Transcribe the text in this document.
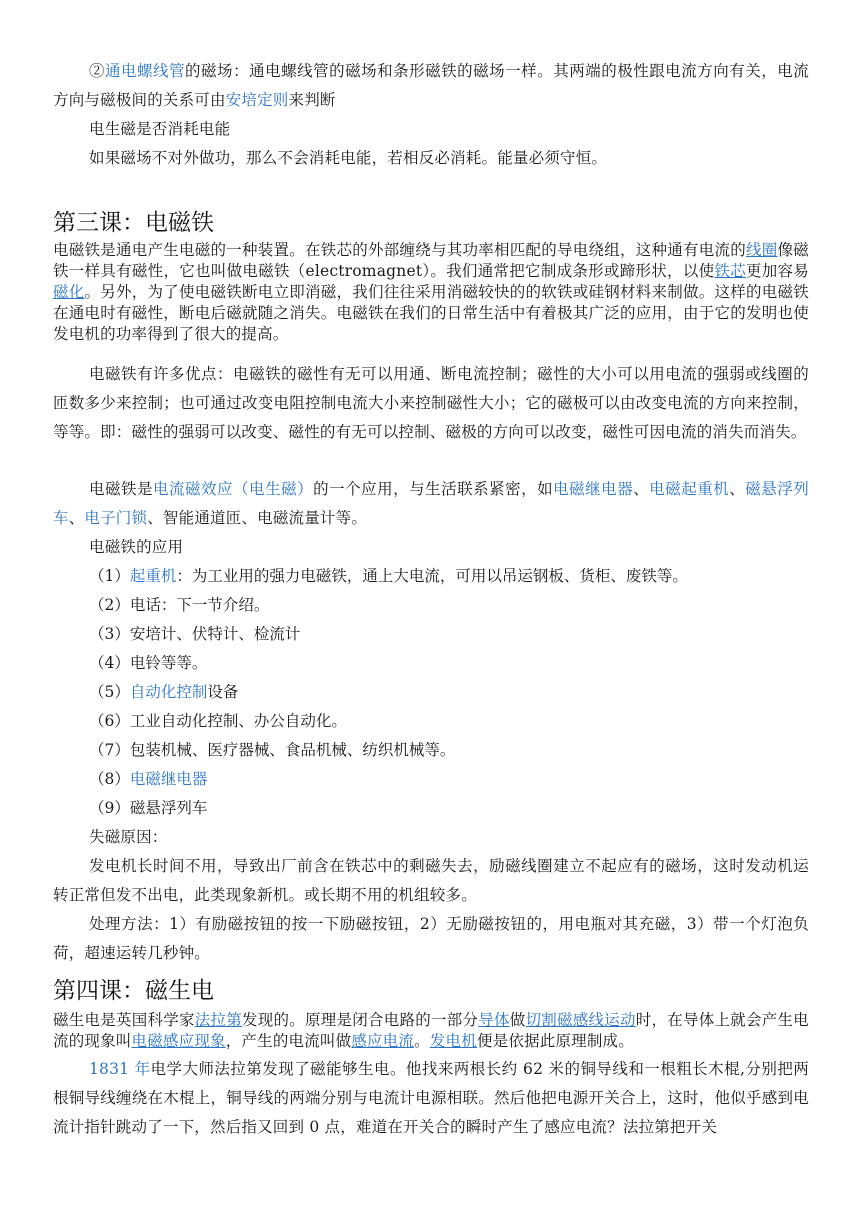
②通电螺线管的磁场：通电螺线管的磁场和条形磁铁的磁场一样。其两端的极性跟电流方向有关，电流方向与磁极间的关系可由安培定则来判断

电生磁是否消耗电能

如果磁场不对外做功，那么不会消耗电能，若相反必消耗。能量必须守恒。

第三课：电磁铁

电磁铁是通电产生电磁的一种装置。在铁芯的外部缠绕与其功率相匹配的导电绕组，这种通有电流的线圈像磁铁一样具有磁性，它也叫做电磁铁（electromagnet）。我们通常把它制成条形或蹄形状，以使铁芯更加容易磁化。另外，为了使电磁铁断电立即消磁，我们往往采用消磁较快的的软铁或硅钢材料来制做。这样的电磁铁在通电时有磁性，断电后磁就随之消失。电磁铁在我们的日常生活中有着极其广泛的应用，由于它的发明也使发电机的功率得到了很大的提高。

电磁铁有许多优点：电磁铁的磁性有无可以用通、断电流控制；磁性的大小可以用电流的强弱或线圈的匝数多少来控制；也可通过改变电阻控制电流大小来控制磁性大小；它的磁极可以由改变电流的方向来控制，等等。即：磁性的强弱可以改变、磁性的有无可以控制、磁极的方向可以改变，磁性可因电流的消失而消失。

电磁铁是电流磁效应（电生磁）的一个应用，与生活联系紧密，如电磁继电器、电磁起重机、磁悬浮列车、电子门锁、智能通道匝、电磁流量计等。

电磁铁的应用

（1）起重机：为工业用的强力电磁铁，通上大电流，可用以吊运钢板、货柜、废铁等。

（2）电话：下一节介绍。

（3）安培计、伏特计、检流计

（4）电铃等等。

（5）自动化控制设备

（6）工业自动化控制、办公自动化。

（7）包装机械、医疗器械、食品机械、纺织机械等。

（8）电磁继电器

（9）磁悬浮列车

失磁原因：

发电机长时间不用，导致出厂前含在铁芯中的剩磁失去，励磁线圈建立不起应有的磁场，这时发动机运转正常但发不出电，此类现象新机。或长期不用的机组较多。

处理方法：1）有励磁按钮的按一下励磁按钮，2）无励磁按钮的，用电瓶对其充磁，3）带一个灯泡负荷，超速运转几秒钟。

第四课：磁生电

磁生电是英国科学家法拉第发现的。原理是闭合电路的一部分导体做切割磁感线运动时，在导体上就会产生电流的现象叫电磁感应现象，产生的电流叫做感应电流。发电机便是依据此原理制成。

1831 年电学大师法拉第发现了磁能够生电。他找来两根长约 62 米的铜导线和一根粗长木棍,分别把两根铜导线缠绕在木棍上，铜导线的两端分别与电流计电源相联。然后他把电源开关合上，这时，他似乎感到电流计指针跳动了一下，然后指又回到 0 点，难道在开关合的瞬时产生了感应电流？法拉第把开关
